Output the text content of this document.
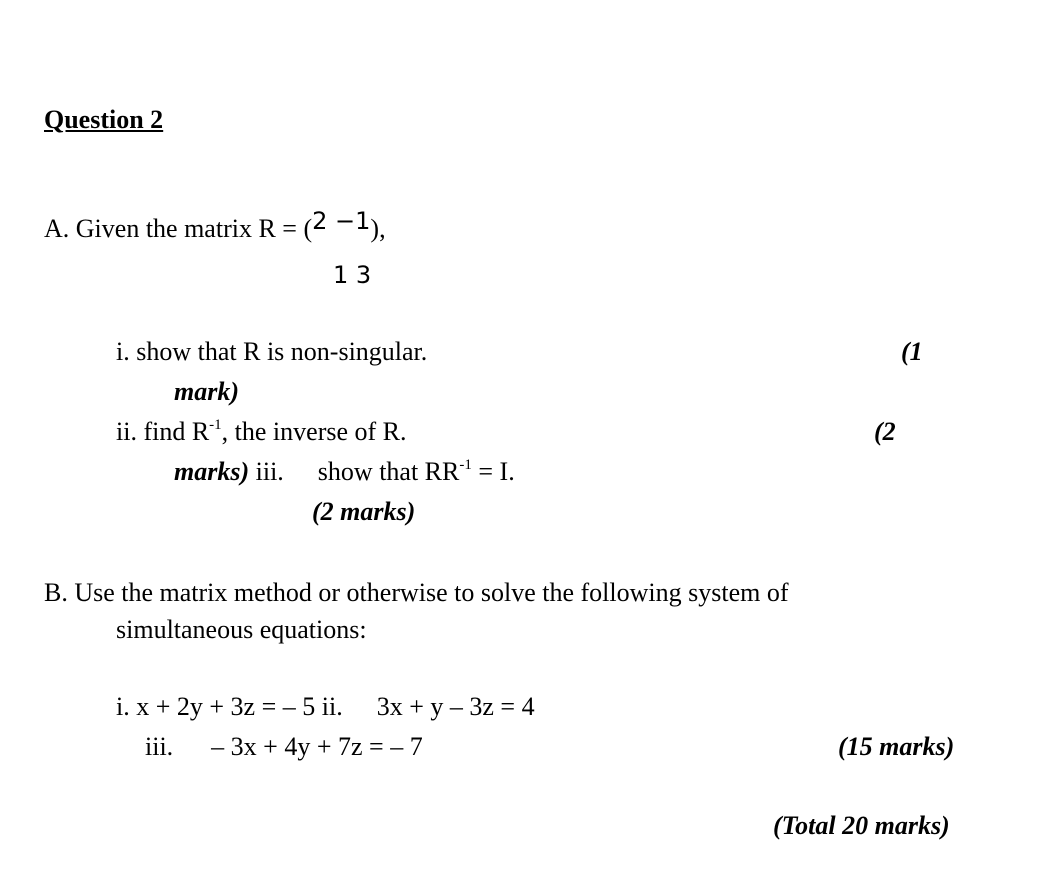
Question 2
A. Given the matrix R = (2 −1),
1 3
i. show that R is non-singular.	(1
mark)
ii. find $R^{-1}$, the inverse of R.	(2
marks) iii. show that $RR^{-1} = I$.
(2 marks)
B. Use the matrix method or otherwise to solve the following system of
simultaneous equations:
i. x + 2y + 3z = – 5 ii. 3x + y – 3z = 4
iii. – 3x + 4y + 7z = – 7	(15 marks)
(Total 20 marks)
